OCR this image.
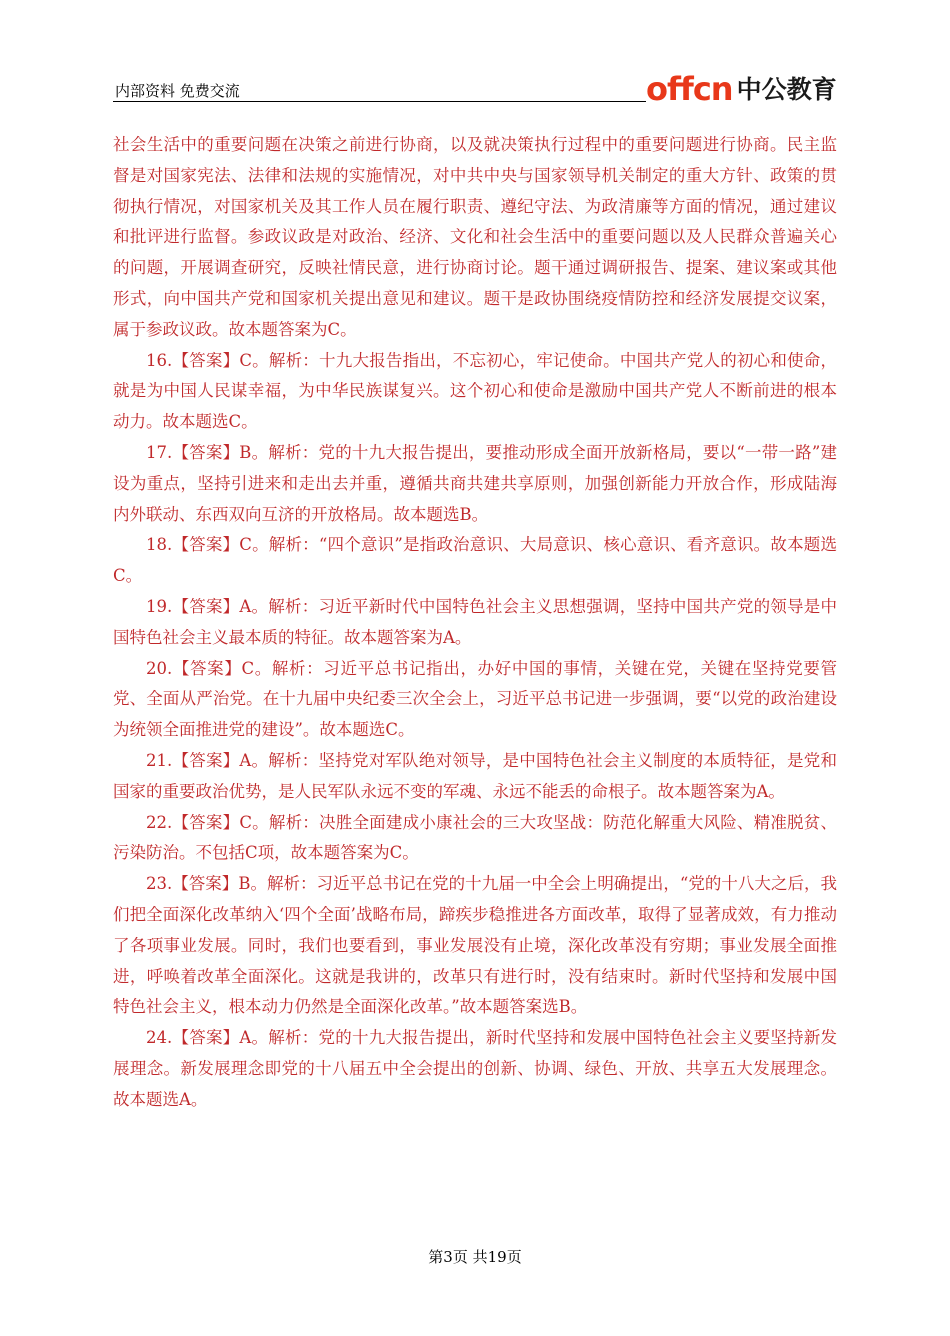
内部资料 免费交流	offcn 中公教育

社会生活中的重要问题在决策之前进行协商，以及就决策执行过程中的重要问题进行协商。民主监督是对国家宪法、法律和法规的实施情况，对中共中央与国家领导机关制定的重大方针、政策的贯彻执行情况，对国家机关及其工作人员在履行职责、遵纪守法、为政清廉等方面的情况，通过建议和批评进行监督。参政议政是对政治、经济、文化和社会生活中的重要问题以及人民群众普遍关心的问题，开展调查研究，反映社情民意，进行协商讨论。题干通过调研报告、提案、建议案或其他形式，向中国共产党和国家机关提出意见和建议。题干是政协围绕疫情防控和经济发展提交议案，属于参政议政。故本题答案为C。

16.【答案】C。解析：十九大报告指出，不忘初心，牢记使命。中国共产党人的初心和使命，就是为中国人民谋幸福，为中华民族谋复兴。这个初心和使命是激励中国共产党人不断前进的根本动力。故本题选C。

17.【答案】B。解析：党的十九大报告提出，要推动形成全面开放新格局，要以“一带一路”建设为重点，坚持引进来和走出去并重，遵循共商共建共享原则，加强创新能力开放合作，形成陆海内外联动、东西双向互济的开放格局。故本题选B。

18.【答案】C。解析：“四个意识”是指政治意识、大局意识、核心意识、看齐意识。故本题选C。

19.【答案】A。解析：习近平新时代中国特色社会主义思想强调，坚持中国共产党的领导是中国特色社会主义最本质的特征。故本题答案为A。

20.【答案】C。解析：习近平总书记指出，办好中国的事情，关键在党，关键在坚持党要管党、全面从严治党。在十九届中央纪委三次全会上，习近平总书记进一步强调，要“以党的政治建设为统领全面推进党的建设”。故本题选C。

21.【答案】A。解析：坚持党对军队绝对领导，是中国特色社会主义制度的本质特征，是党和国家的重要政治优势，是人民军队永远不变的军魂、永远不能丢的命根子。故本题答案为A。

22.【答案】C。解析：决胜全面建成小康社会的三大攻坚战：防范化解重大风险、精准脱贫、污染防治。不包括C项，故本题答案为C。

23.【答案】B。解析：习近平总书记在党的十九届一中全会上明确提出，“党的十八大之后，我们把全面深化改革纳入‘四个全面’战略布局，蹄疾步稳推进各方面改革，取得了显著成效，有力推动了各项事业发展。同时，我们也要看到，事业发展没有止境，深化改革没有穷期；事业发展全面推进，呼唤着改革全面深化。这就是我讲的，改革只有进行时，没有结束时。新时代坚持和发展中国特色社会主义，根本动力仍然是全面深化改革。”故本题答案选B。

24.【答案】A。解析：党的十九大报告提出，新时代坚持和发展中国特色社会主义要坚持新发展理念。新发展理念即党的十八届五中全会提出的创新、协调、绿色、开放、共享五大发展理念。故本题选A。

第3页 共19页
